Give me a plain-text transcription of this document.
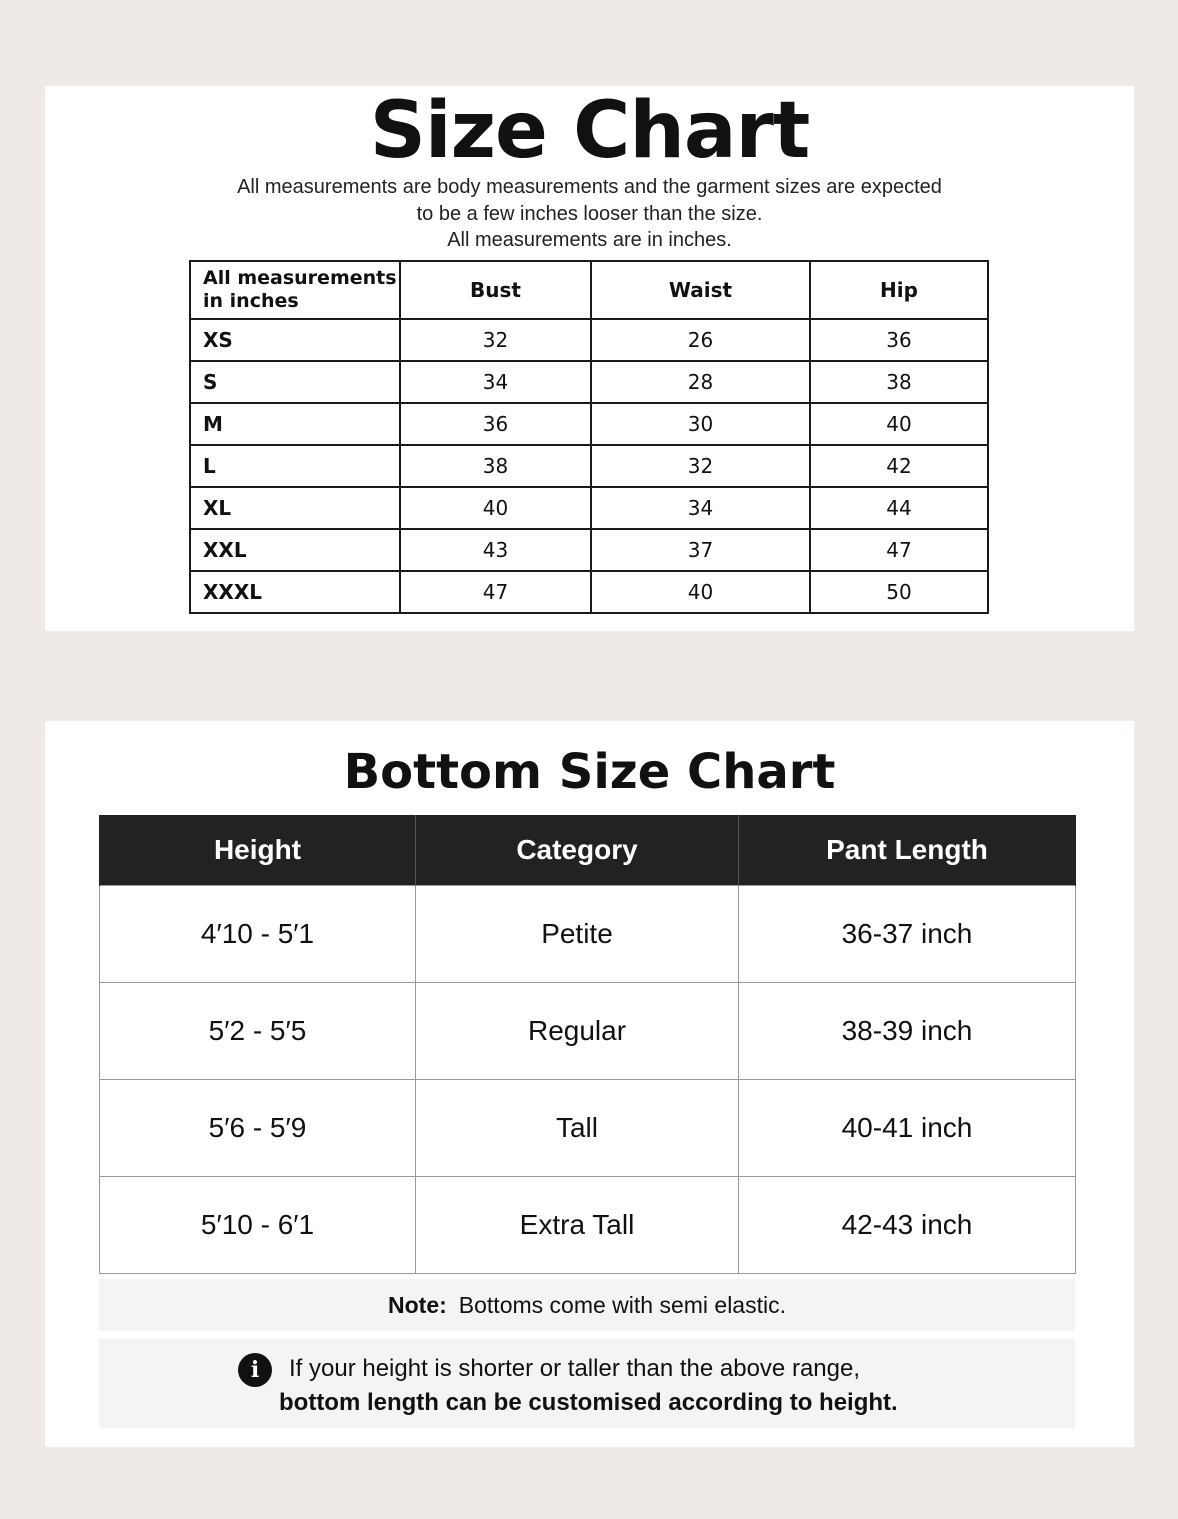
Size Chart
All measurements are body measurements and the garment sizes are expected
to be a few inches looser than the size.
All measurements are in inches.
All measurements
in inches	Bust	Waist	Hip
XS	32	26	36
S	34	28	38
M	36	30	40
L	38	32	42
XL	40	34	44
XXL	43	37	47
XXXL	47	40	50
Bottom Size Chart
Height	Category	Pant Length
4′10 - 5′1	Petite	36-37 inch
5′2 - 5′5	Regular	38-39 inch
5′6 - 5′9	Tall	40-41 inch
5′10 - 6′1	Extra Tall	42-43 inch
Note: Bottoms come with semi elastic.
i	If your height is shorter or taller than the above range,
bottom length can be customised according to height.
